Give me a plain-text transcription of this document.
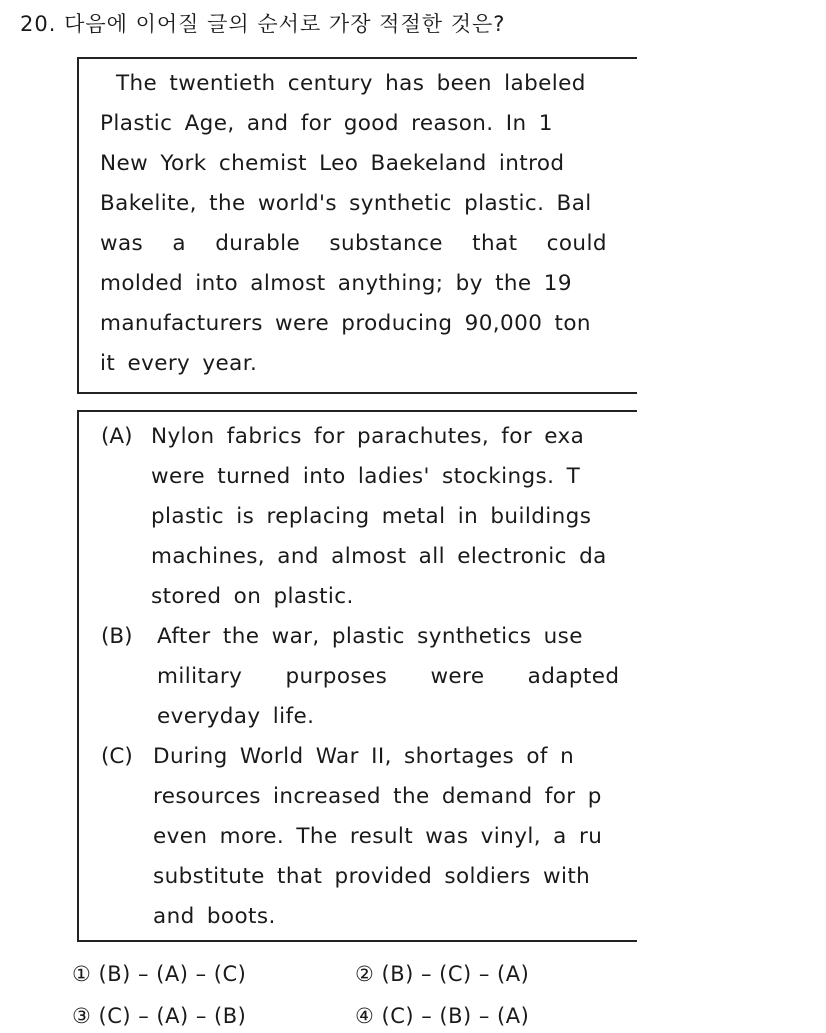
20. 다음에 이어질 글의 순서로 가장 적절한 것은?
The twentieth century has been labeled
Plastic Age, and for good reason. In 1
New York chemist Leo Baekeland introd
Bakelite, the world's synthetic plastic. Bal
was a durable substance that could
molded into almost anything; by the 19
manufacturers were producing 90,000 ton
it every year.
(A) Nylon fabrics for parachutes, for exa
were turned into ladies' stockings. T
plastic is replacing metal in buildings
machines, and almost all electronic da
stored on plastic.
(B) After the war, plastic synthetics use
military purposes were adapted
everyday life.
(C) During World War II, shortages of n
resources increased the demand for p
even more. The result was vinyl, a ru
substitute that provided soldiers with
and boots.
① (B) – (A) – (C)	② (B) – (C) – (A)
③ (C) – (A) – (B)	④ (C) – (B) – (A)
